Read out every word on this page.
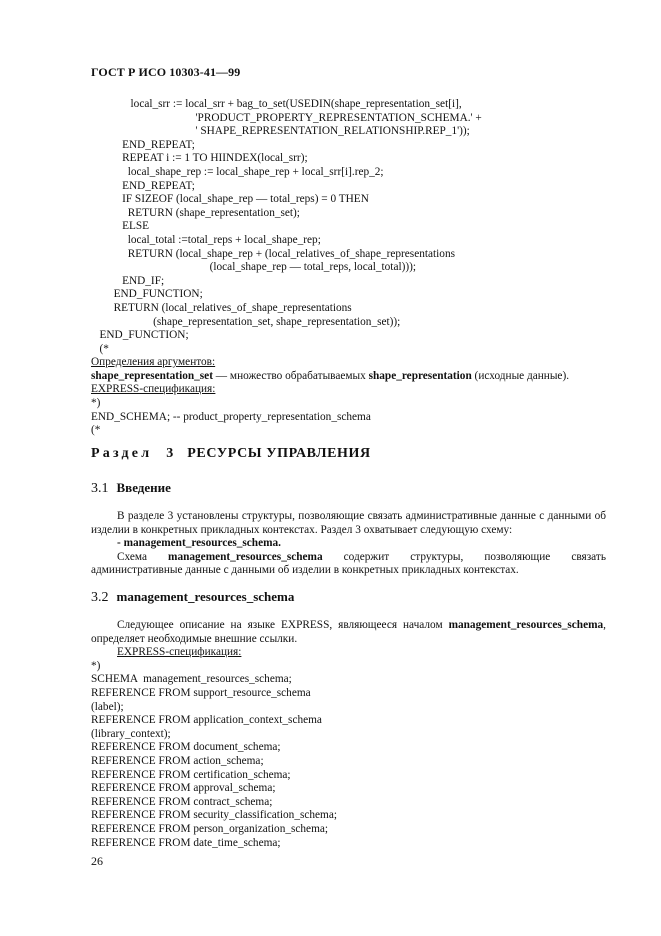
ГОСТ Р ИСО 10303-41—99
local_srr := local_srr + bag_to_set(USEDIN(shape_representation_set[i],
'PRODUCT_PROPERTY_REPRESENTATION_SCHEMA.' +
' SHAPE_REPRESENTATION_RELATIONSHIP.REP_1'));
END_REPEAT;
REPEAT i := 1 TO HIINDEX(local_srr);
local_shape_rep := local_shape_rep + local_srr[i].rep_2;
END_REPEAT;
IF SIZEOF (local_shape_rep — total_reps) = 0 THEN
RETURN (shape_representation_set);
ELSE
local_total :=total_reps + local_shape_rep;
RETURN (local_shape_rep + (local_relatives_of_shape_representations
(local_shape_rep — total_reps, local_total)));
END_IF;
END_FUNCTION;
RETURN (local_relatives_of_shape_representations
(shape_representation_set, shape_representation_set));
END_FUNCTION;
(*
Определения аргументов:
shape_representation_set — множество обрабатываемых shape_representation (исходные данные).
EXPRESS-спецификация:
*)
END_SCHEMA; -- product_property_representation_schema
(*
Раздел 3 РЕСУРСЫ УПРАВЛЕНИЯ
3.1 Введение
В разделе 3 установлены структуры, позволяющие связать административные данные с данными об изделии в конкретных прикладных контекстах. Раздел 3 охватывает следующую схему:
- management_resources_schema.
Схема management_resources_schema содержит структуры, позволяющие связать административные данные с данными об изделии в конкретных прикладных контекстах.
3.2 management_resources_schema
Следующее описание на языке EXPRESS, являющееся началом management_resources_schema, определяет необходимые внешние ссылки.
EXPRESS-спецификация:
*)
SCHEMA  management_resources_schema;
REFERENCE FROM support_resource_schema
(label);
REFERENCE FROM application_context_schema
(library_context);
REFERENCE FROM document_schema;
REFERENCE FROM action_schema;
REFERENCE FROM certification_schema;
REFERENCE FROM approval_schema;
REFERENCE FROM contract_schema;
REFERENCE FROM security_classification_schema;
REFERENCE FROM person_organization_schema;
REFERENCE FROM date_time_schema;
26
